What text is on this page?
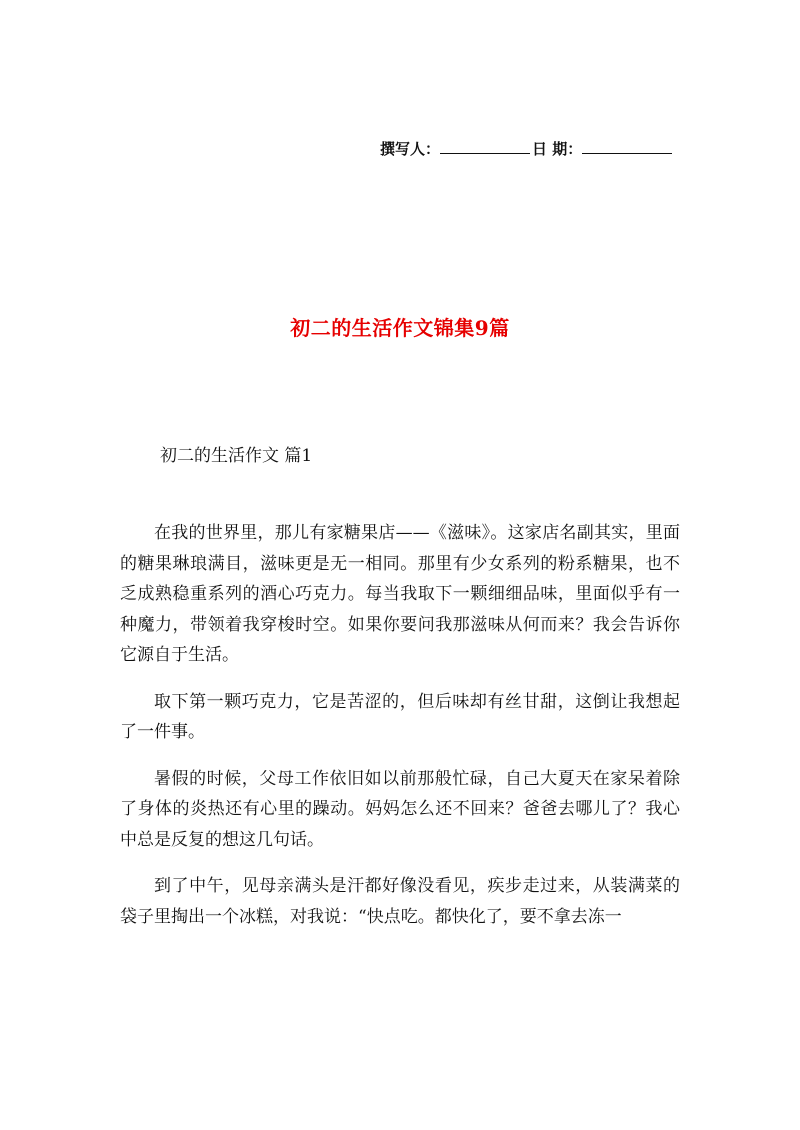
撰写人：	日 期：
初二的生活作文锦集9篇
初二的生活作文 篇1

在我的世界里，那儿有家糖果店——《滋味》。这家店名副其实，里面的糖果琳琅满目，滋味更是无一相同。那里有少女系列的粉系糖果，也不乏成熟稳重系列的酒心巧克力。每当我取下一颗细细品味，里面似乎有一种魔力，带领着我穿梭时空。如果你要问我那滋味从何而来？我会告诉你它源自于生活。

取下第一颗巧克力，它是苦涩的，但后味却有丝甘甜，这倒让我想起了一件事。

暑假的时候，父母工作依旧如以前那般忙碌，自己大夏天在家呆着除了身体的炎热还有心里的躁动。妈妈怎么还不回来？爸爸去哪儿了？我心中总是反复的想这几句话。

到了中午，见母亲满头是汗都好像没看见，疾步走过来，从装满菜的袋子里掏出一个冰糕，对我说：“快点吃。都快化了，要不拿去冻一
